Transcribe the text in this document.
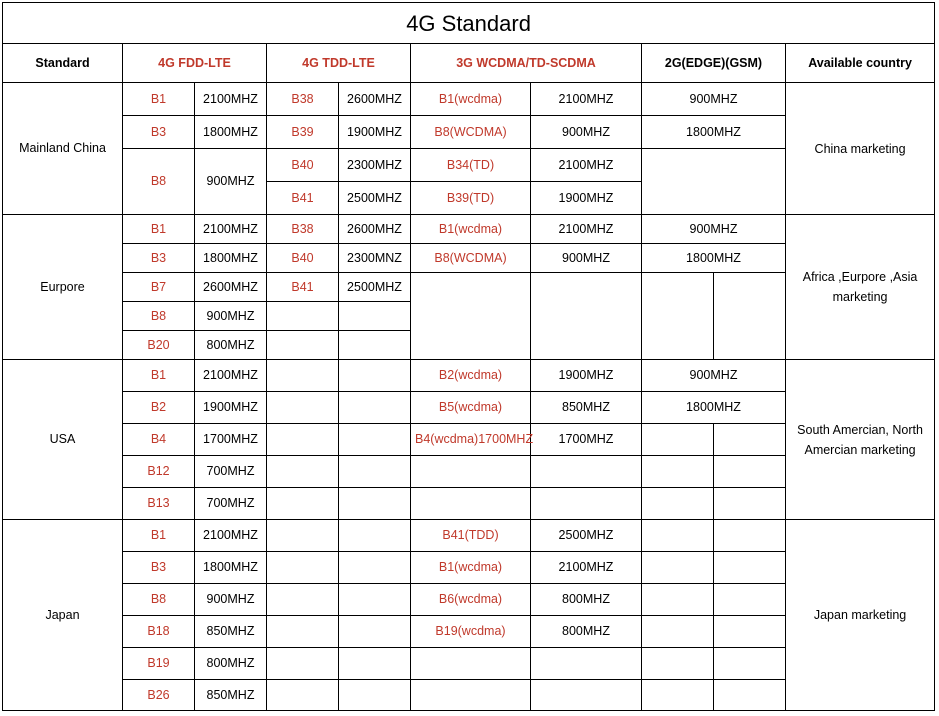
4G Standard									
Standard	4G FDD-LTE		4G TDD-LTE		3G WCDMA/TD-SCDMA		2G(EDGE)(GSM)		Available country
Mainland China	B1	2100MHZ	B38	2600MHZ	B1(wcdma)	2100MHZ	900MHZ		China marketing
	B3	1800MHZ	B39	1900MHZ	B8(WCDMA)	900MHZ	1800MHZ		
	B8	900MHZ	B40	2300MHZ	B34(TD)	2100MHZ			
			B41	2500MHZ	B39(TD)	1900MHZ			
Eurpore	B1	2100MHZ	B38	2600MHZ	B1(wcdma)	2100MHZ	900MHZ		Africa ,Eurpore ,Asia marketing
	B3	1800MHZ	B40	2300MNZ	B8(WCDMA)	900MHZ	1800MHZ		
	B7	2600MHZ	B41	2500MHZ					
	B8	900MHZ							
	B20	800MHZ							
USA	B1	2100MHZ			B2(wcdma)	1900MHZ	900MHZ		South Amercian, North Amercian marketing
	B2	1900MHZ			B5(wcdma)	850MHZ	1800MHZ		
	B4	1700MHZ			B4(wcdma)1700MHZ	1700MHZ			
	B12	700MHZ							
	B13	700MHZ							
Japan	B1	2100MHZ			B41(TDD)	2500MHZ			Japan marketing
	B3	1800MHZ			B1(wcdma)	2100MHZ			
	B8	900MHZ			B6(wcdma)	800MHZ			
	B18	850MHZ			B19(wcdma)	800MHZ			
	B19	800MHZ							
	B26	850MHZ							
